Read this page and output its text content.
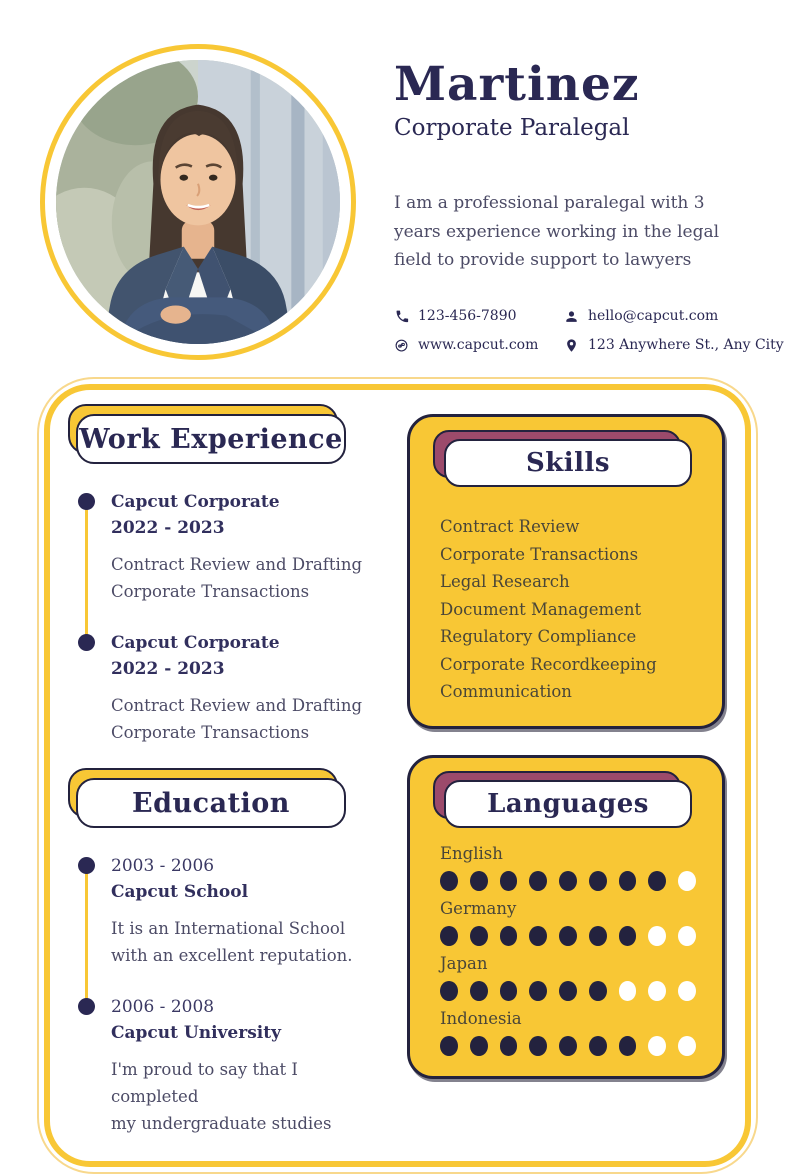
Martinez
Corporate Paralegal

I am a professional paralegal with 3 years experience working in the legal field to provide support to lawyers

123-456-7890	hello@capcut.com
www.capcut.com	123 Anywhere St., Any City
Work Experience
Capcut Corporate
2022 - 2023
Contract Review and Drafting
Corporate Transactions
Capcut Corporate
2022 - 2023
Contract Review and Drafting
Corporate Transactions
Education
2003 - 2006
Capcut School
It is an International School
with an excellent reputation.
2006 - 2008
Capcut University
I'm proud to say that I completed
my undergraduate studies
Skills
Contract Review
Corporate Transactions
Legal Research
Document Management
Regulatory Compliance
Corporate Recordkeeping
Communication
Languages
English
Germany
Japan
Indonesia
